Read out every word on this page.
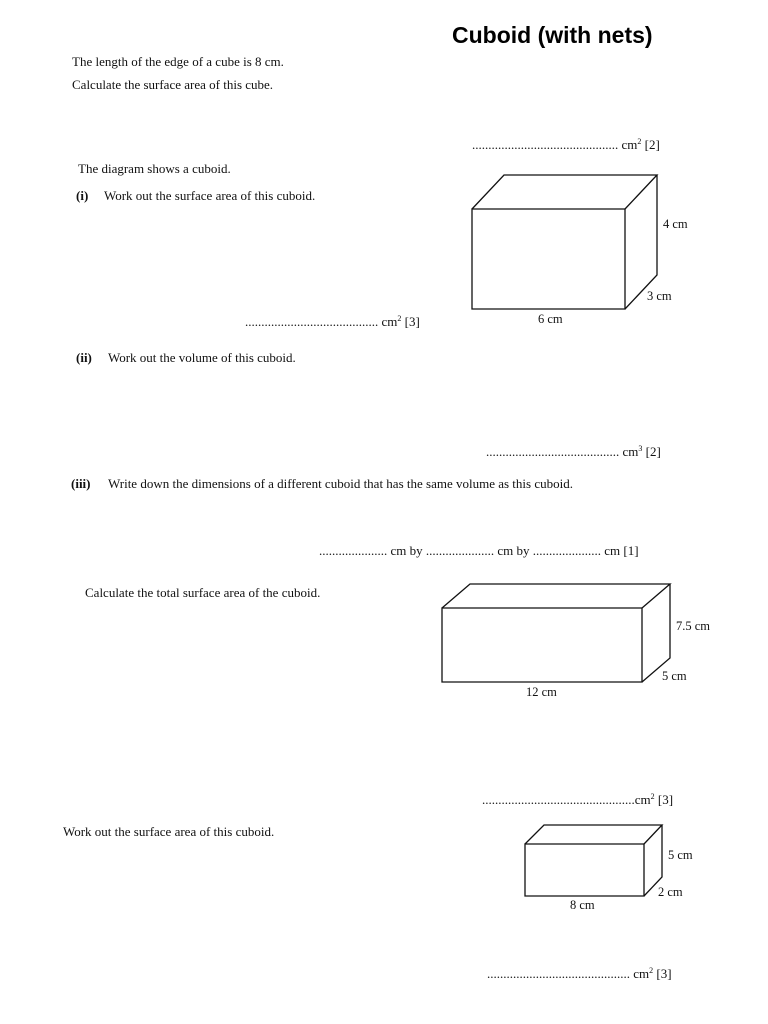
Cuboid (with nets)
The length of the edge of a cube is 8 cm.
Calculate the surface area of this cube.
............................................. $cm^2$ [2]
The diagram shows a cuboid.
(i) Work out the surface area of this cuboid.
4 cm
3 cm
6 cm
......................................... $cm^2$ [3]
(ii) Work out the volume of this cuboid.
......................................... $cm^3$ [2]
(iii) Write down the dimensions of a different cuboid that has the same volume as this cuboid.
..................... cm by ..................... cm by ..................... cm [1]
Calculate the total surface area of the cuboid.
7.5 cm
5 cm
12 cm
$...............................................cm^2$ [3]
Work out the surface area of this cuboid.
5 cm
2 cm
8 cm
............................................ $cm^2$ [3]
